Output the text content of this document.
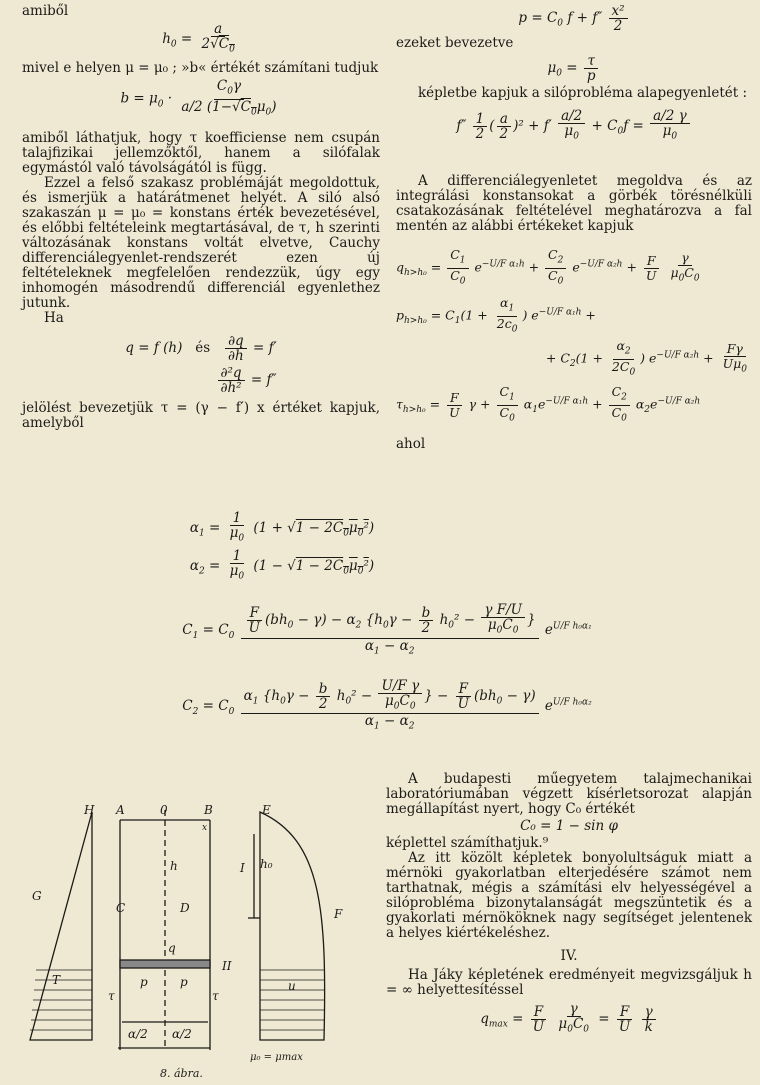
amiből

$h_0 = \frac{a}{2√C_0}$

mivel e helyen μ = μ₀ ; »b« értékét számítani tudjuk

$b = \mu_0 \cdot \frac{C_0\gamma}{a/2 (1-√C_0\mu_0)}$

amiből láthatjuk, hogy τ koefficiense nem csupán talajfizikai jellemzőktől, hanem a silófalak egymástól való távolságától is függ.

Ezzel a felső szakasz problémáját megoldottuk, és ismerjük a határátmenet helyét. A siló alsó szakaszán μ = μ₀ = konstans érték bevezetésével, és előbbi feltételeink megtartásával, de τ, h szerinti változásának konstans voltát elvetve, Cauchy differenciálegyenlet-rendszerét ezen új feltételeknek megfelelően rendezzük, úgy egy inhomogén másodrendű differenciál egyenlethez jutunk.

Ha

q = f (h)   és $\frac{\partial q}{\partial h} = f'$
$\frac{\text{∂²q}}{\text{∂h²}} = f''$

jelölést bevezetjük τ = (γ − f′) x értéket kapjuk, amelyből

$p = C_0$ $f + f'' \frac{\text{x²}}{2}$

ezeket bevezetve

$\mu_0 = \frac{\tau}{p}$

képletbe kapjuk a silóprobléma alapegyenletét :

$f'' \frac{1}{2}$ ( $\frac{a}{2} )^2 + f' \frac{a/2}{\mu_0} + C_0f = \frac{a/2 \gamma}{\mu_0}$

A differenciálegyenletet megoldva és az integrálási konstansokat a görbék törésnélküli csatakozásának feltételével meghatározva a fal mentén az alábbi értékeket kapjuk

$q_{h>h_0} = \frac{C_1}{C_0} e^{-U/F \alpha_1h} + \frac{C_2}{C_0} e^{-U/F \alpha_2h} + \frac{F}{U}$
$\frac{\gamma}{\mu_0C_0}$
$p_{h>h_0} = C_1(1 + \frac{\alpha_1}{2c_0}$ ) $e^{-U/F \alpha_1h}$ +
+ $C_2(1 + \frac{\alpha_2}{2C_0}$ ) $e^{-U/F \alpha_2h} + \frac{F\gamma}{U\mu_0}$
$\tau_{h>h_0} = \frac{F}{U}$ $\gamma + \frac{C_1}{C_0} \alpha_1e^{-U/F \alpha_1h} + \frac{C_2}{C_0} \alpha_2e^{-U/F \alpha_2h}$

ahol

$\alpha_1 = \frac{1}{\mu_0} (1 + √1 - 2C_0\mu_0^2)$
$\alpha_2 = \frac{1}{\mu_0} (1 - √1 - 2C_0\mu_0^2)$
$C_1 = C_0 \frac{\frac{F}{U} (bh_0 - \gamma) - \alpha_2 \{h_0\gamma - \frac{b}{2} h_0^2 - \frac{\text{γ F/U}}{\mu_0C_0} \}}{\alpha_1 - \alpha_2} e^{U/F h_0\alpha_1}$
$C_2 = C_0 \frac{\alpha_1 \{h_0\gamma - \frac{b}{2} h_0^2 - \frac{\text{U/F γ}}{\mu_0C_0} \} - \frac{F}{U} (bh_0 - \gamma)}{\alpha_1 - \alpha_2} e^{U/F h_0\alpha_2}$

A budapesti műegyetem talajmechanikai laboratóriumában végzett kísérletsorozat alapján megállapítást nyert, hogy C₀ értékét

C₀ = 1 − sin φ

képlettel számíthatjuk.⁹

Az itt közölt képletek bonyolultságuk miatt a mérnöki gyakorlatban elterjedésére számot nem tarthatnak, mégis a számítási elv helyességével a silóprobléma bizonytalanságát megszüntetik és a gyakorlati mérnököknek nagy segítséget jelentenek a helyes kiértékeléshez.

IV.

Ha Jáky képletének eredményeit megvizsgáljuk h = ∞ helyettesítéssel

$q_{max} = \frac{F}{U}$
$\frac{\gamma}{\mu_0C_0} = \frac{F}{U}$
$\frac{\gamma}{k}$
H A	0	B	E
G
C	D	F
h	I h₀
q
II
T	u
p	p
τ	τ
α/2 α/2
μ₀ = μmax
x
8. ábra.
